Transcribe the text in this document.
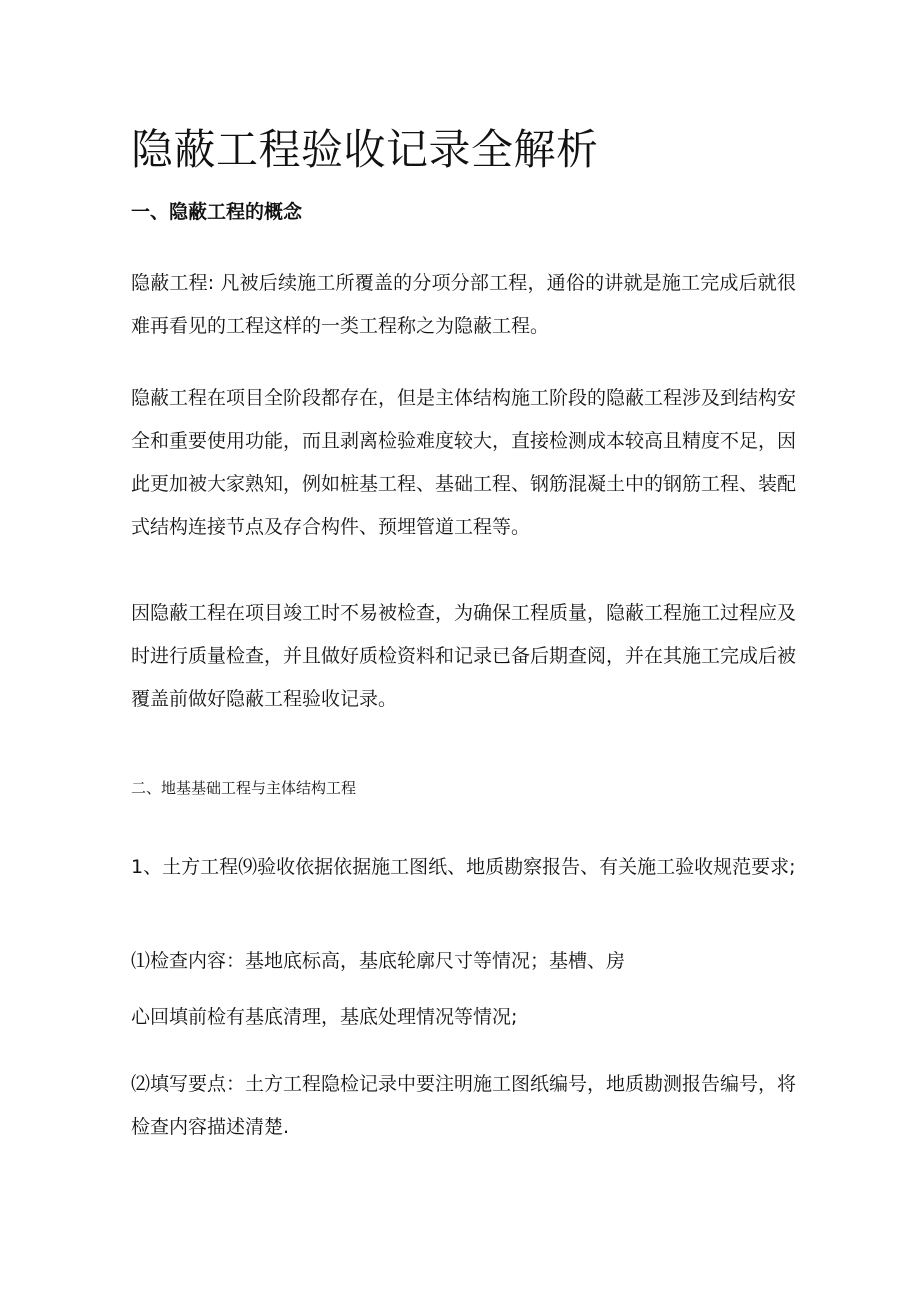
隐蔽工程验收记录全解析
一、隐蔽工程的概念
隐蔽工程: 凡被后续施工所覆盖的分项分部工程，通俗的讲就是施工完成后就很难再看见的工程这样的一类工程称之为隐蔽工程。
隐蔽工程在项目全阶段都存在，但是主体结构施工阶段的隐蔽工程涉及到结构安全和重要使用功能，而且剥离检验难度较大，直接检测成本较高且精度不足，因此更加被大家熟知，例如桩基工程、基础工程、钢筋混凝土中的钢筋工程、装配式结构连接节点及存合构件、预埋管道工程等。
因隐蔽工程在项目竣工时不易被检查，为确保工程质量，隐蔽工程施工过程应及时进行质量检查，并且做好质检资料和记录已备后期查阅，并在其施工完成后被覆盖前做好隐蔽工程验收记录。
二、地基基础工程与主体结构工程
1、土方工程⑼验收依据依据施工图纸、地质勘察报告、有关施工验收规范要求;
⑴检查内容：基地底标高，基底轮廓尺寸等情况；基槽、房
心回填前检有基底清理，基底处理情况等情况;
⑵填写要点：土方工程隐检记录中要注明施工图纸编号，地质勘测报告编号，将检查内容描述清楚.
